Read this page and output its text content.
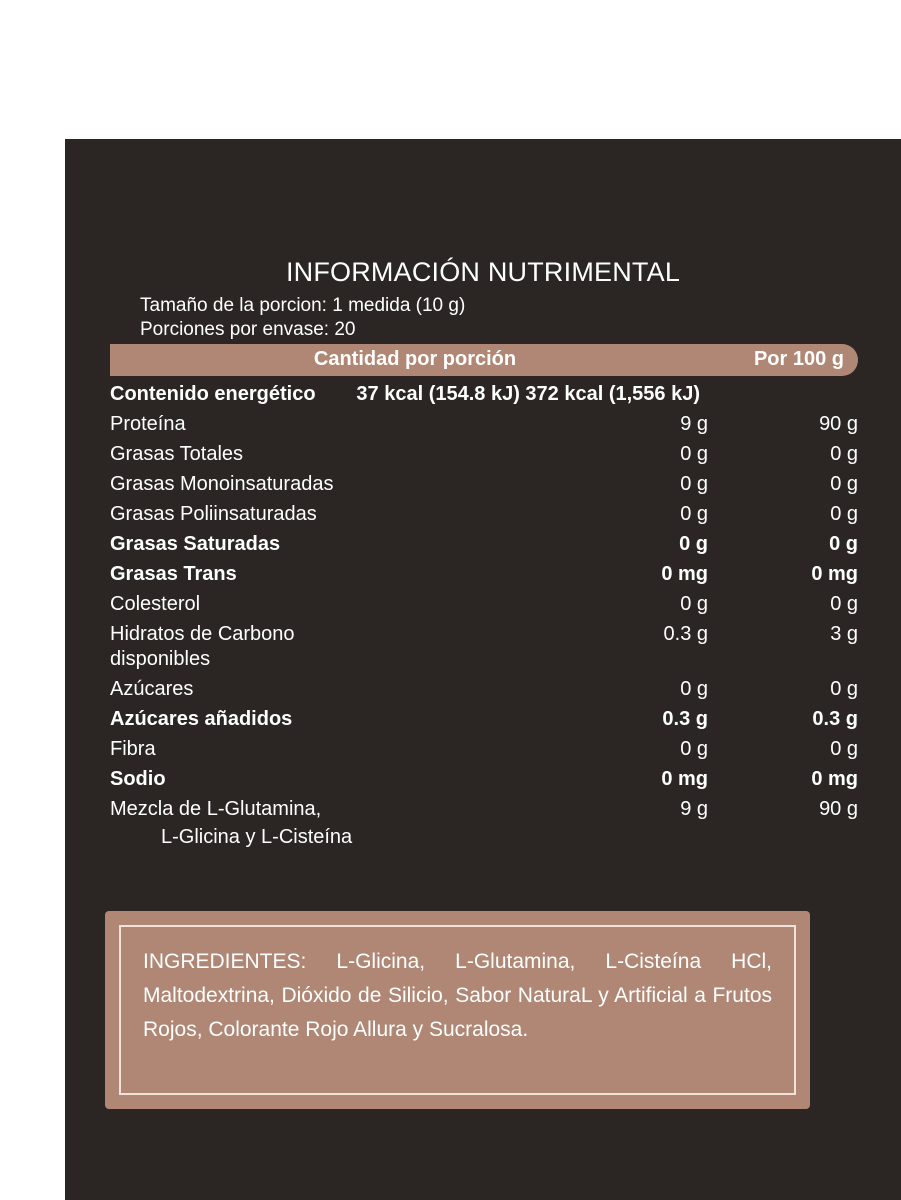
INFORMACIÓN NUTRIMENTAL
Tamaño de la porcion: 1 medida (10 g)
Porciones por envase: 20
Cantidad por porción	Por 100 g
Contenido energético	37 kcal (154.8 kJ) 372 kcal (1,556 kJ)	
Proteína	9 g	90 g
Grasas Totales	0 g	0 g
Grasas Monoinsaturadas	0 g	0 g
Grasas Poliinsaturadas	0 g	0 g
Grasas Saturadas	0 g	0 g
Grasas Trans	0 mg	0 mg
Colesterol	0 g	0 g
Hidratos de Carbono disponibles	0.3 g	3 g
Azúcares	0 g	0 g
Azúcares añadidos	0.3 g	0.3 g
Fibra	0 g	0 g
Sodio	0 mg	0 mg
Mezcla de L-Glutamina,	9 g	90 g
L-Glicina y L-Cisteína
INGREDIENTES: L-Glicina, L-Glutamina, L-Cisteína HCl, Maltodextrina, Dióxido de Silicio, Sabor NaturaL y Artificial a Frutos Rojos, Colorante Rojo Allura y Sucralosa.
